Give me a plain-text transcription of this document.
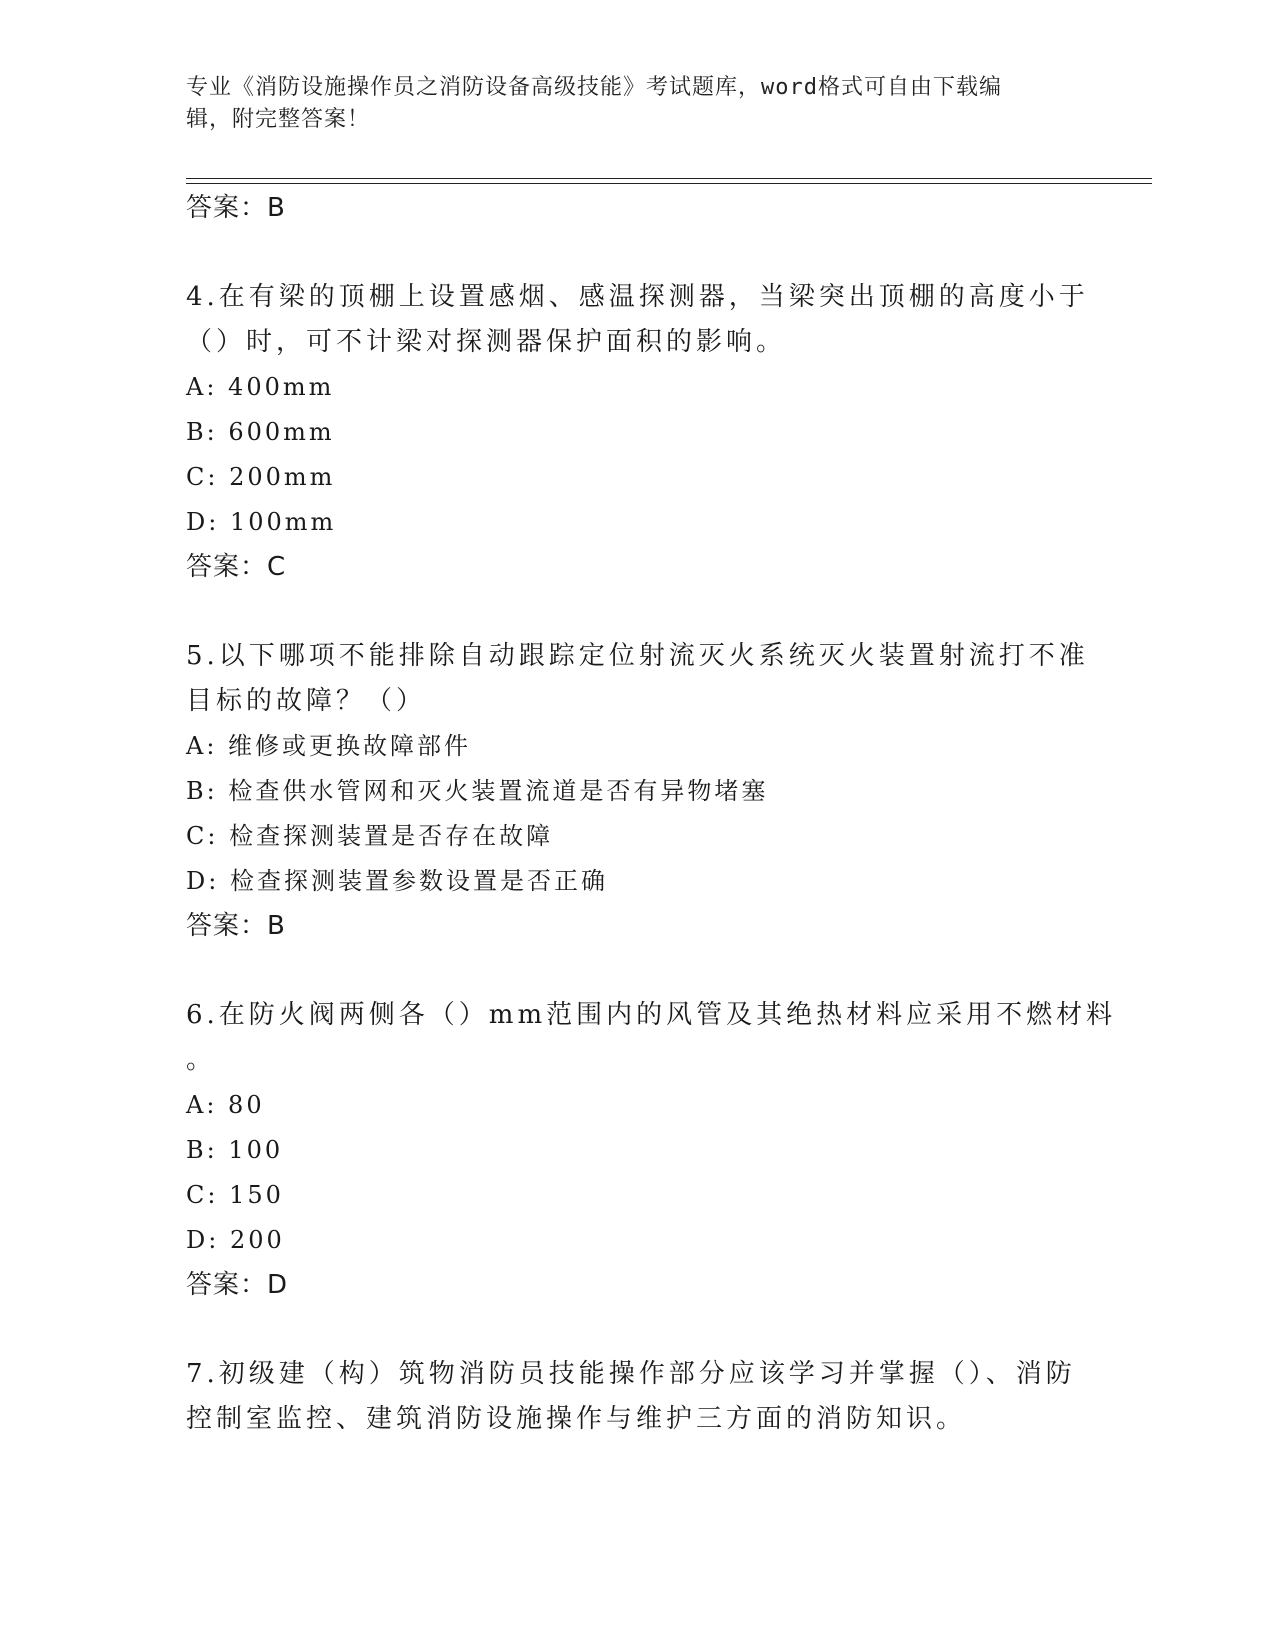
专业《消防设施操作员之消防设备高级技能》考试题库，word格式可自由下载编
辑，附完整答案！
答案：B
4.在有梁的顶棚上设置感烟、感温探测器，当梁突出顶棚的高度小于
（）时，可不计梁对探测器保护面积的影响。
A: 400mm
B: 600mm
C: 200mm
D: 100mm
答案：C
5.以下哪项不能排除自动跟踪定位射流灭火系统灭火装置射流打不准
目标的故障？（）
A: 维修或更换故障部件
B: 检查供水管网和灭火装置流道是否有异物堵塞
C: 检查探测装置是否存在故障
D: 检查探测装置参数设置是否正确
答案：B
6.在防火阀两侧各（）mm范围内的风管及其绝热材料应采用不燃材料
。
A: 80
B: 100
C: 150
D: 200
答案：D
7.初级建（构）筑物消防员技能操作部分应该学习并掌握（）、消防
控制室监控、建筑消防设施操作与维护三方面的消防知识。
